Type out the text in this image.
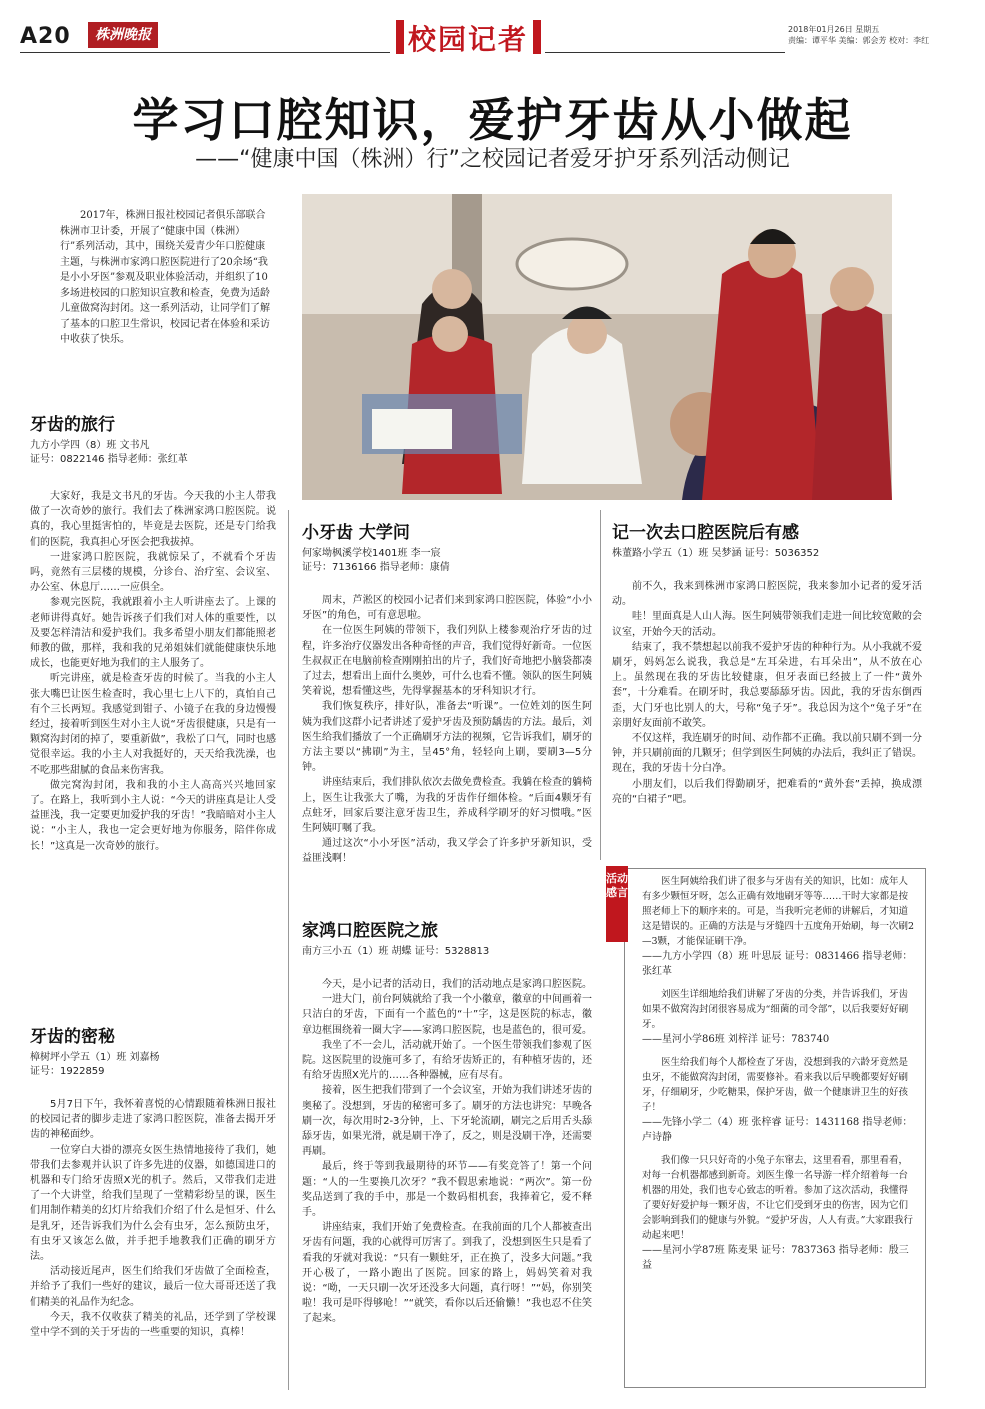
A20	株洲晚报	校园记者	2018年01月26日 星期五
责编：谭平华 美编：郭会芳 校对：李红
学习口腔知识，爱护牙齿从小做起
——“健康中国（株洲）行”之校园记者爱牙护牙系列活动侧记
2017年，株洲日报社校园记者俱乐部联合株洲市卫计委，开展了“健康中国（株洲）行”系列活动，其中，围绕关爱青少年口腔健康主题，与株洲市家鸿口腔医院进行了20余场“我是小小牙医”参观及职业体验活动，并组织了10多场进校园的口腔知识宣教和检查，免费为适龄儿童做窝沟封闭。这一系列活动，让同学们了解了基本的口腔卫生常识，校园记者在体验和采访中收获了快乐。
牙齿的旅行
九方小学四（8）班 文书凡
证号：0822146 指导老师：张红革

大家好，我是文书凡的牙齿。今天我的小主人带我做了一次奇妙的旅行。我们去了株洲家鸿口腔医院。说真的，我心里挺害怕的，毕竟是去医院，还是专门给我们的医院，我真担心牙医会把我拔掉。

一进家鸿口腔医院，我就惊呆了，不就看个牙齿吗，竟然有三层楼的规模，分诊台、治疗室、会议室、办公室、休息厅……一应俱全。

参观完医院，我就跟着小主人听讲座去了。上课的老师讲得真好。她告诉孩子们我们对人体的重要性，以及要怎样清洁和爱护我们。我多希望小朋友们都能照老师教的做，那样，我和我的兄弟姐妹们就能健康快乐地成长，也能更好地为我们的主人服务了。

听完讲座，就是检查牙齿的时候了。当我的小主人张大嘴巴让医生检查时，我心里七上八下的，真怕自己有个三长两短。我感觉到钳子、小镜子在我的身边慢慢经过，接着听到医生对小主人说“牙齿很健康，只是有一颗窝沟封闭的掉了，要重新做”，我松了口气，同时也感觉很幸运。我的小主人对我挺好的，天天给我洗澡，也不吃那些甜腻的食品来伤害我。

做完窝沟封闭，我和我的小主人高高兴兴地回家了。在路上，我听到小主人说：“今天的讲座真是让人受益匪浅，我一定要更加爱护我的牙齿！”我暗暗对小主人说：“小主人，我也一定会更好地为你服务，陪伴你成长！”这真是一次奇妙的旅行。

牙齿的密秘
樟树坪小学五（1）班 刘嘉杨
证号：1922859

5月7日下午，我怀着喜悦的心情跟随着株洲日报社的校园记者的脚步走进了家鸿口腔医院，准备去揭开牙齿的神秘面纱。

一位穿白大褂的漂亮女医生热情地接待了我们，她带我们去参观并认识了许多先进的仪器，如德国进口的机器和专门给牙齿照X光的机子。然后，又带我们走进了一个大讲堂，给我们呈现了一堂精彩纷呈的课，医生们用制作精美的幻灯片给我们介绍了什么是恒牙、什么是乳牙，还告诉我们为什么会有虫牙，怎么预防虫牙，有虫牙又该怎么做，并手把手地教我们正确的刷牙方法。

活动接近尾声，医生们给我们牙齿做了全面检查，并给予了我们一些好的建议，最后一位大哥哥还送了我们精美的礼品作为纪念。

今天，我不仅收获了精美的礼品，还学到了学校课堂中学不到的关于牙齿的一些重要的知识，真棒！

小牙齿 大学问
何家坳枫溪学校1401班 李一宸
证号：7136166 指导老师：康倩

周末，芦淞区的校园小记者们来到家鸿口腔医院，体验“小小牙医”的角色，可有意思啦。

在一位医生阿姨的带领下，我们列队上楼参观治疗牙齿的过程，许多治疗仪器发出各种奇怪的声音，我们觉得好新奇。一位医生叔叔正在电脑前检查刚刚拍出的片子，我们好奇地把小脑袋都凑了过去，想看出上面什么奥妙，可什么也看不懂。领队的医生阿姨笑着说，想看懂这些，先得掌握基本的牙科知识才行。

我们恢复秩序，排好队，准备去“听课”。一位姓刘的医生阿姨为我们这群小记者讲述了爱护牙齿及预防龋齿的方法。最后，刘医生给我们播放了一个正确刷牙方法的视频，它告诉我们，刷牙的方法主要以“拂刷”为主，呈45°角，轻轻向上刷，要刷3—5分钟。

讲座结束后，我们排队依次去做免费检查。我躺在检查的躺椅上，医生让我张大了嘴，为我的牙齿作仔细体检。“后面4颗牙有点蛀牙，回家后要注意牙齿卫生，养成科学刷牙的好习惯哦。”医生阿姨叮嘱了我。

通过这次“小小牙医”活动，我又学会了许多护牙新知识，受益匪浅啊！

家鸿口腔医院之旅
南方三小五（1）班 胡蝶 证号：5328813

今天，是小记者的活动日，我们的活动地点是家鸿口腔医院。

一进大门，前台阿姨就给了我一个小徽章，徽章的中间画着一只洁白的牙齿，下面有一个蓝色的“十”字，这是医院的标志，徽章边框围绕着一圈大字——家鸿口腔医院，也是蓝色的，很可爱。

我坐了不一会儿，活动就开始了。一个医生带领我们参观了医院。这医院里的设施可多了，有给牙齿矫正的，有种植牙齿的，还有给牙齿照X光片的……各种器械，应有尽有。

接着，医生把我们带到了一个会议室，开始为我们讲述牙齿的奥秘了。没想到，牙齿的秘密可多了。刷牙的方法也讲究：早晚各刷一次，每次用时2-3分钟，上、下牙轮流刷，刷完之后用舌头舔舔牙齿，如果光滑，就是刷干净了，反之，则是没刷干净，还需要再刷。

最后，终于等到我最期待的环节——有奖竞答了！第一个问题：“人的一生要换几次牙？”我不假思索地说：“两次”。第一份奖品送到了我的手中，那是一个数码相机套，我捧着它，爱不释手。

讲座结束，我们开始了免费检查。在我前面的几个人都被查出牙齿有问题，我的心就得可厉害了。到我了，没想到医生只是看了看我的牙就对我说：“只有一颗蛀牙，正在换了，没多大问题。”我开心极了，一路小跑出了医院。回家的路上，妈妈笑着对我说：“呦，一天只刷一次牙还没多大问题，真行呀！”“妈，你别笑啦！我可是吓得够呛！”“就笑，看你以后还偷懒！”我也忍不住笑了起来。

记一次去口腔医院后有感
株董路小学五（1）班 吴梦涵 证号：5036352

前不久，我来到株洲市家鸿口腔医院，我来参加小记者的爱牙活动。

哇！里面真是人山人海。医生阿姨带领我们走进一间比较宽敞的会议室，开始今天的活动。

结束了，我不禁想起以前我不爱护牙齿的种种行为。从小我就不爱刷牙，妈妈怎么说我，我总是“左耳朵进，右耳朵出”，从不放在心上。虽然现在我的牙齿比较健康，但牙表面已经披上了一件“黄外套”，十分难看。在刷牙时，我总要舔舔牙齿。因此，我的牙齿东倒西歪，大门牙也比别人的大，号称“兔子牙”。我总因为这个“兔子牙”在亲朋好友面前不敢笑。

不仅这样，我连刷牙的时间、动作都不正确。我以前只刷不到一分钟，并只刷前面的几颗牙；但学到医生阿姨的办法后，我纠正了错误。现在，我的牙齿十分白净。

小朋友们，以后我们得勤刷牙，把难看的“黄外套”丢掉，换成漂亮的“白裙子”吧。

活动感言

医生阿姨给我们讲了很多与牙齿有关的知识，比如：成年人有多少颗恒牙呀，怎么正确有效地刷牙等等……干时大家都是按照老师上下的顺序来的。可是，当我听完老师的讲解后，才知道这是错误的。正确的方法是与牙缝四十五度角开始刷，每一次刷2—3颗，才能保证刷干净。

——九方小学四（8）班 叶思辰 证号：0831466 指导老师：张红革

刘医生详细地给我们讲解了牙齿的分类，并告诉我们，牙齿如果不做窝沟封闭很容易成为“细菌的司令部”，以后我要好好刷牙。

——星河小学86班 刘梓洋 证号：783740

医生给我们每个人都检查了牙齿，没想到我的六龄牙竟然是虫牙，不能做窝沟封闭，需要修补。看来我以后早晚都要好好刷牙，仔细刷牙，少吃糖果，保护牙齿，做一个健康讲卫生的好孩子！

——先锋小学二（4）班 张梓睿 证号：1431168 指导老师：卢诗静

我们像一只只好奇的小兔子东窜去，这里看看，那里看看，对每一台机器都感到新奇。刘医生像一名导游一样介绍着每一台机器的用处，我们也专心致志的听着。参加了这次活动，我懂得了要好好爱护每一颗牙齿，不让它们受到牙虫的伤害，因为它们会影响到我们的健康与外貌。“爱护牙齿，人人有责。”大家跟我行动起来吧！

——星河小学87班 陈麦果 证号：7837363 指导老师：殷三益
